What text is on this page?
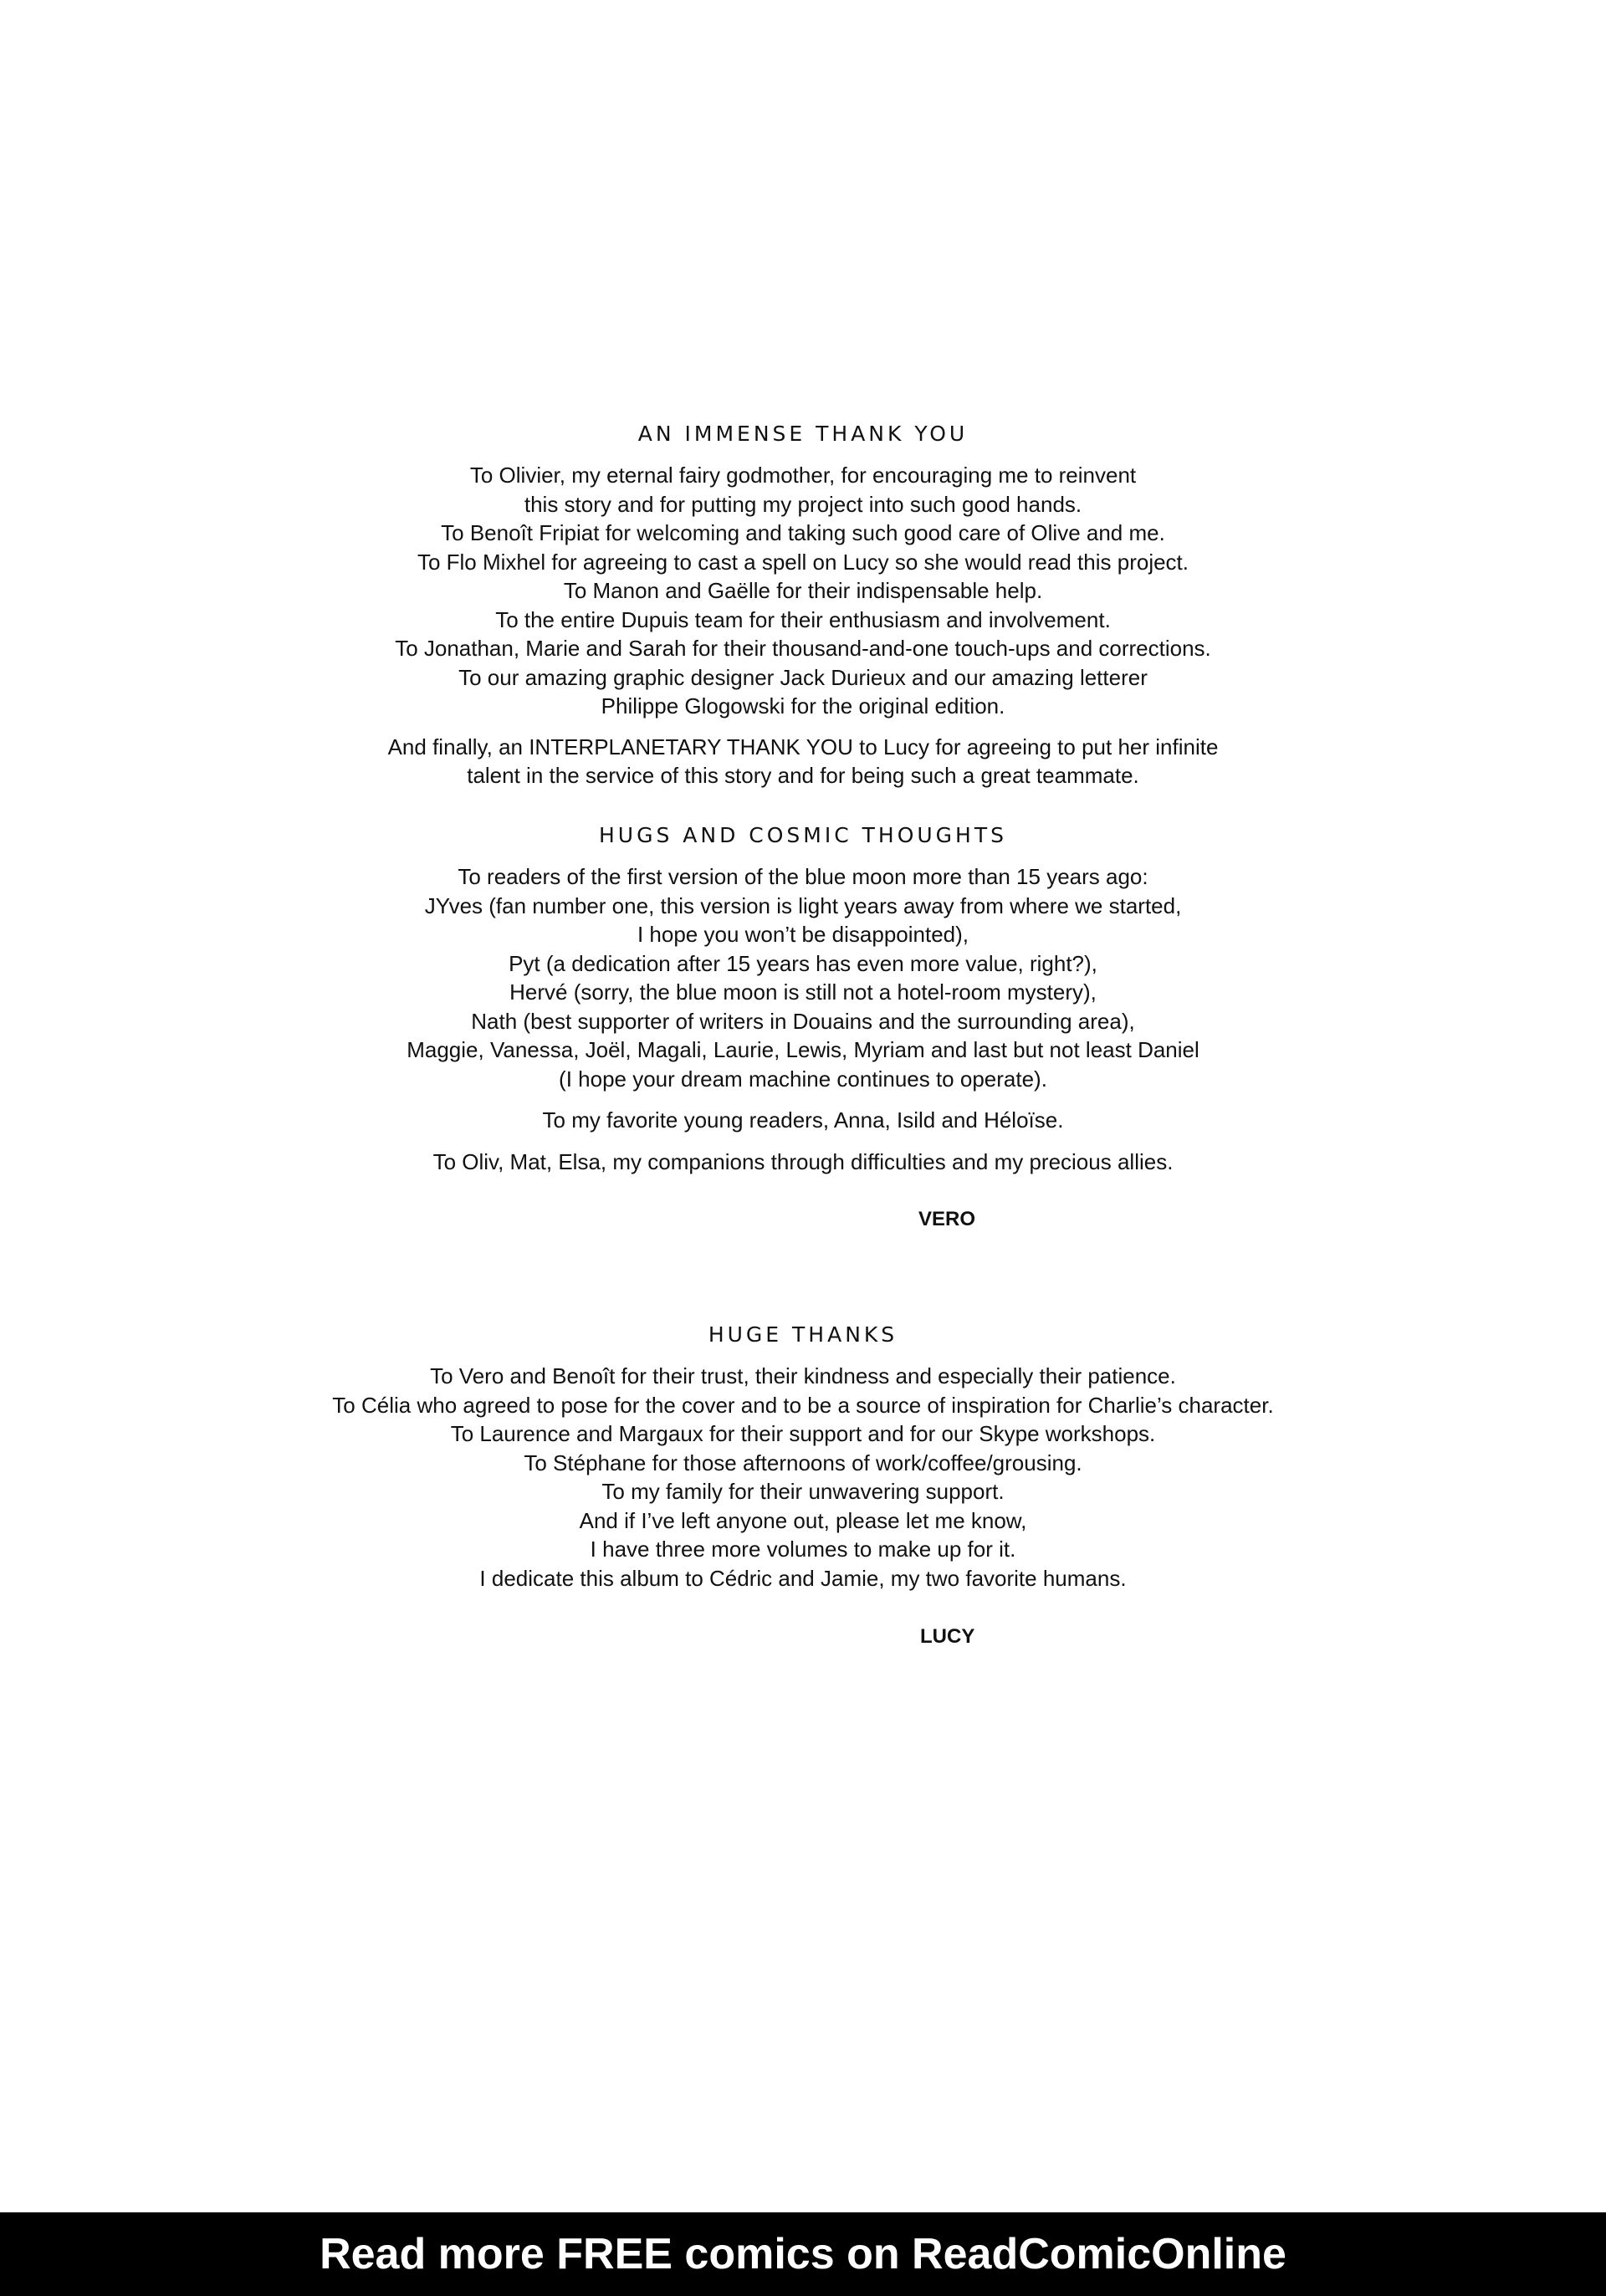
AN IMMENSE THANK YOU

To Olivier, my eternal fairy godmother, for encouraging me to reinvent
this story and for putting my project into such good hands.
To Benoît Fripiat for welcoming and taking such good care of Olive and me.
To Flo Mixhel for agreeing to cast a spell on Lucy so she would read this project.
To Manon and Gaëlle for their indispensable help.
To the entire Dupuis team for their enthusiasm and involvement.
To Jonathan, Marie and Sarah for their thousand-and-one touch-ups and corrections.
To our amazing graphic designer Jack Durieux and our amazing letterer
Philippe Glogowski for the original edition.

And finally, an INTERPLANETARY THANK YOU to Lucy for agreeing to put her infinite
talent in the service of this story and for being such a great teammate.

HUGS AND COSMIC THOUGHTS

To readers of the first version of the blue moon more than 15 years ago:
JYves (fan number one, this version is light years away from where we started,
I hope you won’t be disappointed),
Pyt (a dedication after 15 years has even more value, right?),
Hervé (sorry, the blue moon is still not a hotel-room mystery),
Nath (best supporter of writers in Douains and the surrounding area),
Maggie, Vanessa, Joël, Magali, Laurie, Lewis, Myriam and last but not least Daniel
(I hope your dream machine continues to operate).

To my favorite young readers, Anna, Isild and Héloïse.

To Oliv, Mat, Elsa, my companions through difficulties and my precious allies.

VERO
HUGE THANKS

To Vero and Benoît for their trust, their kindness and especially their patience.
To Célia who agreed to pose for the cover and to be a source of inspiration for Charlie’s character.
To Laurence and Margaux for their support and for our Skype workshops.
To Stéphane for those afternoons of work/coffee/grousing.
To my family for their unwavering support.
And if I’ve left anyone out, please let me know,
I have three more volumes to make up for it.
I dedicate this album to Cédric and Jamie, my two favorite humans.

LUCY
Read more FREE comics on ReadComicOnline
